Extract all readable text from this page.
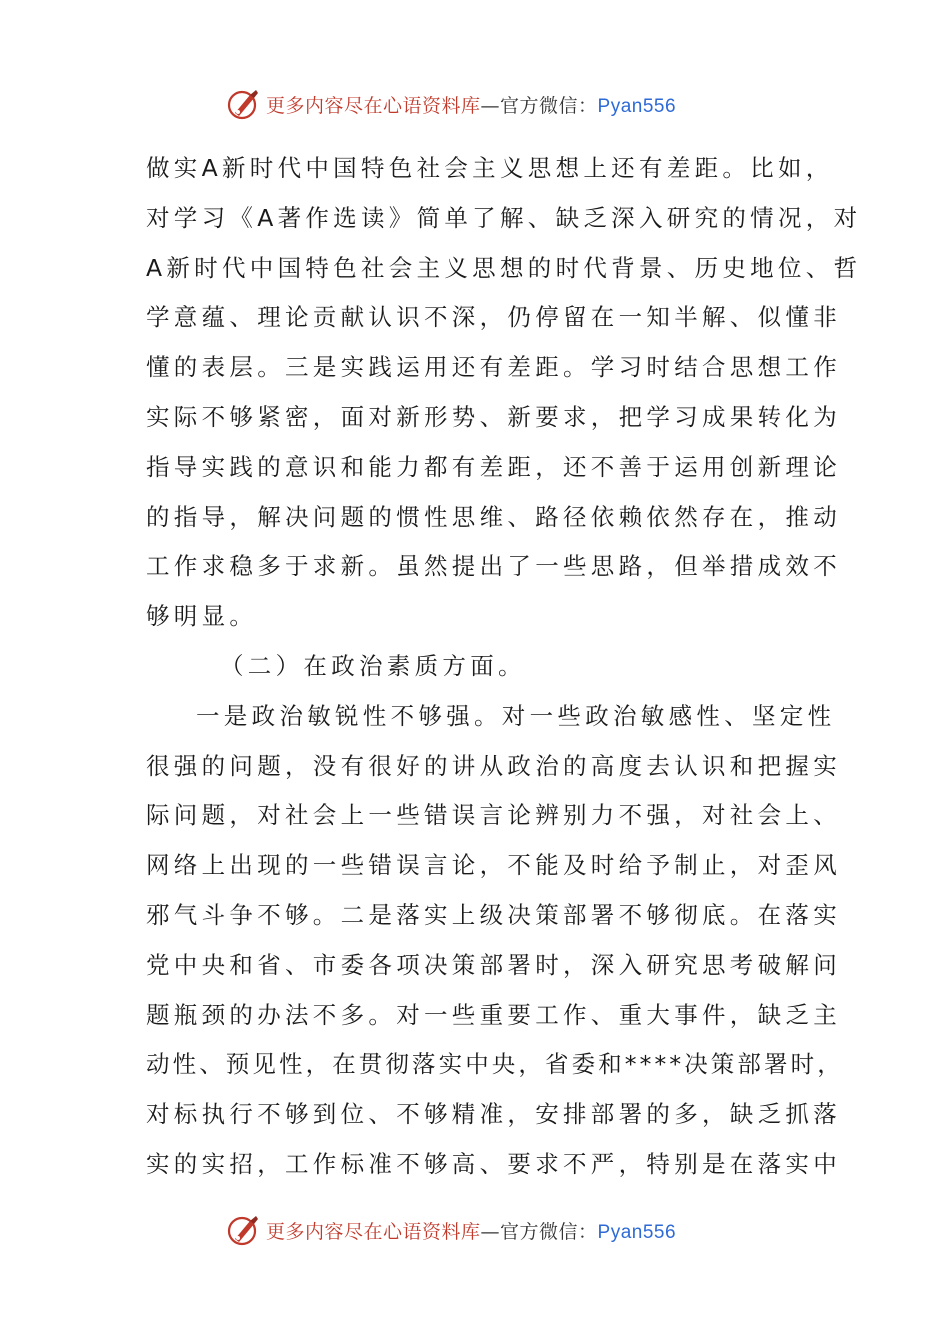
更多内容尽在心语资料库—官方微信：Pyan556
做实A新时代中国特色社会主义思想上还有差距。比如，
对学习《A著作选读》简单了解、缺乏深入研究的情况，对
A新时代中国特色社会主义思想的时代背景、历史地位、哲
学意蕴、理论贡献认识不深，仍停留在一知半解、似懂非
懂的表层。三是实践运用还有差距。学习时结合思想工作
实际不够紧密，面对新形势、新要求，把学习成果转化为
指导实践的意识和能力都有差距，还不善于运用创新理论
的指导，解决问题的惯性思维、路径依赖依然存在，推动
工作求稳多于求新。虽然提出了一些思路，但举措成效不
够明显。
（二）在政治素质方面。
一是政治敏锐性不够强。对一些政治敏感性、坚定性
很强的问题，没有很好的讲从政治的高度去认识和把握实
际问题，对社会上一些错误言论辨别力不强，对社会上、
网络上出现的一些错误言论，不能及时给予制止，对歪风
邪气斗争不够。二是落实上级决策部署不够彻底。在落实
党中央和省、市委各项决策部署时，深入研究思考破解问
题瓶颈的办法不多。对一些重要工作、重大事件，缺乏主
动性、预见性，在贯彻落实中央，省委和****决策部署时，
对标执行不够到位、不够精准，安排部署的多，缺乏抓落
实的实招，工作标准不够高、要求不严，特别是在落实中
更多内容尽在心语资料库—官方微信：Pyan556
